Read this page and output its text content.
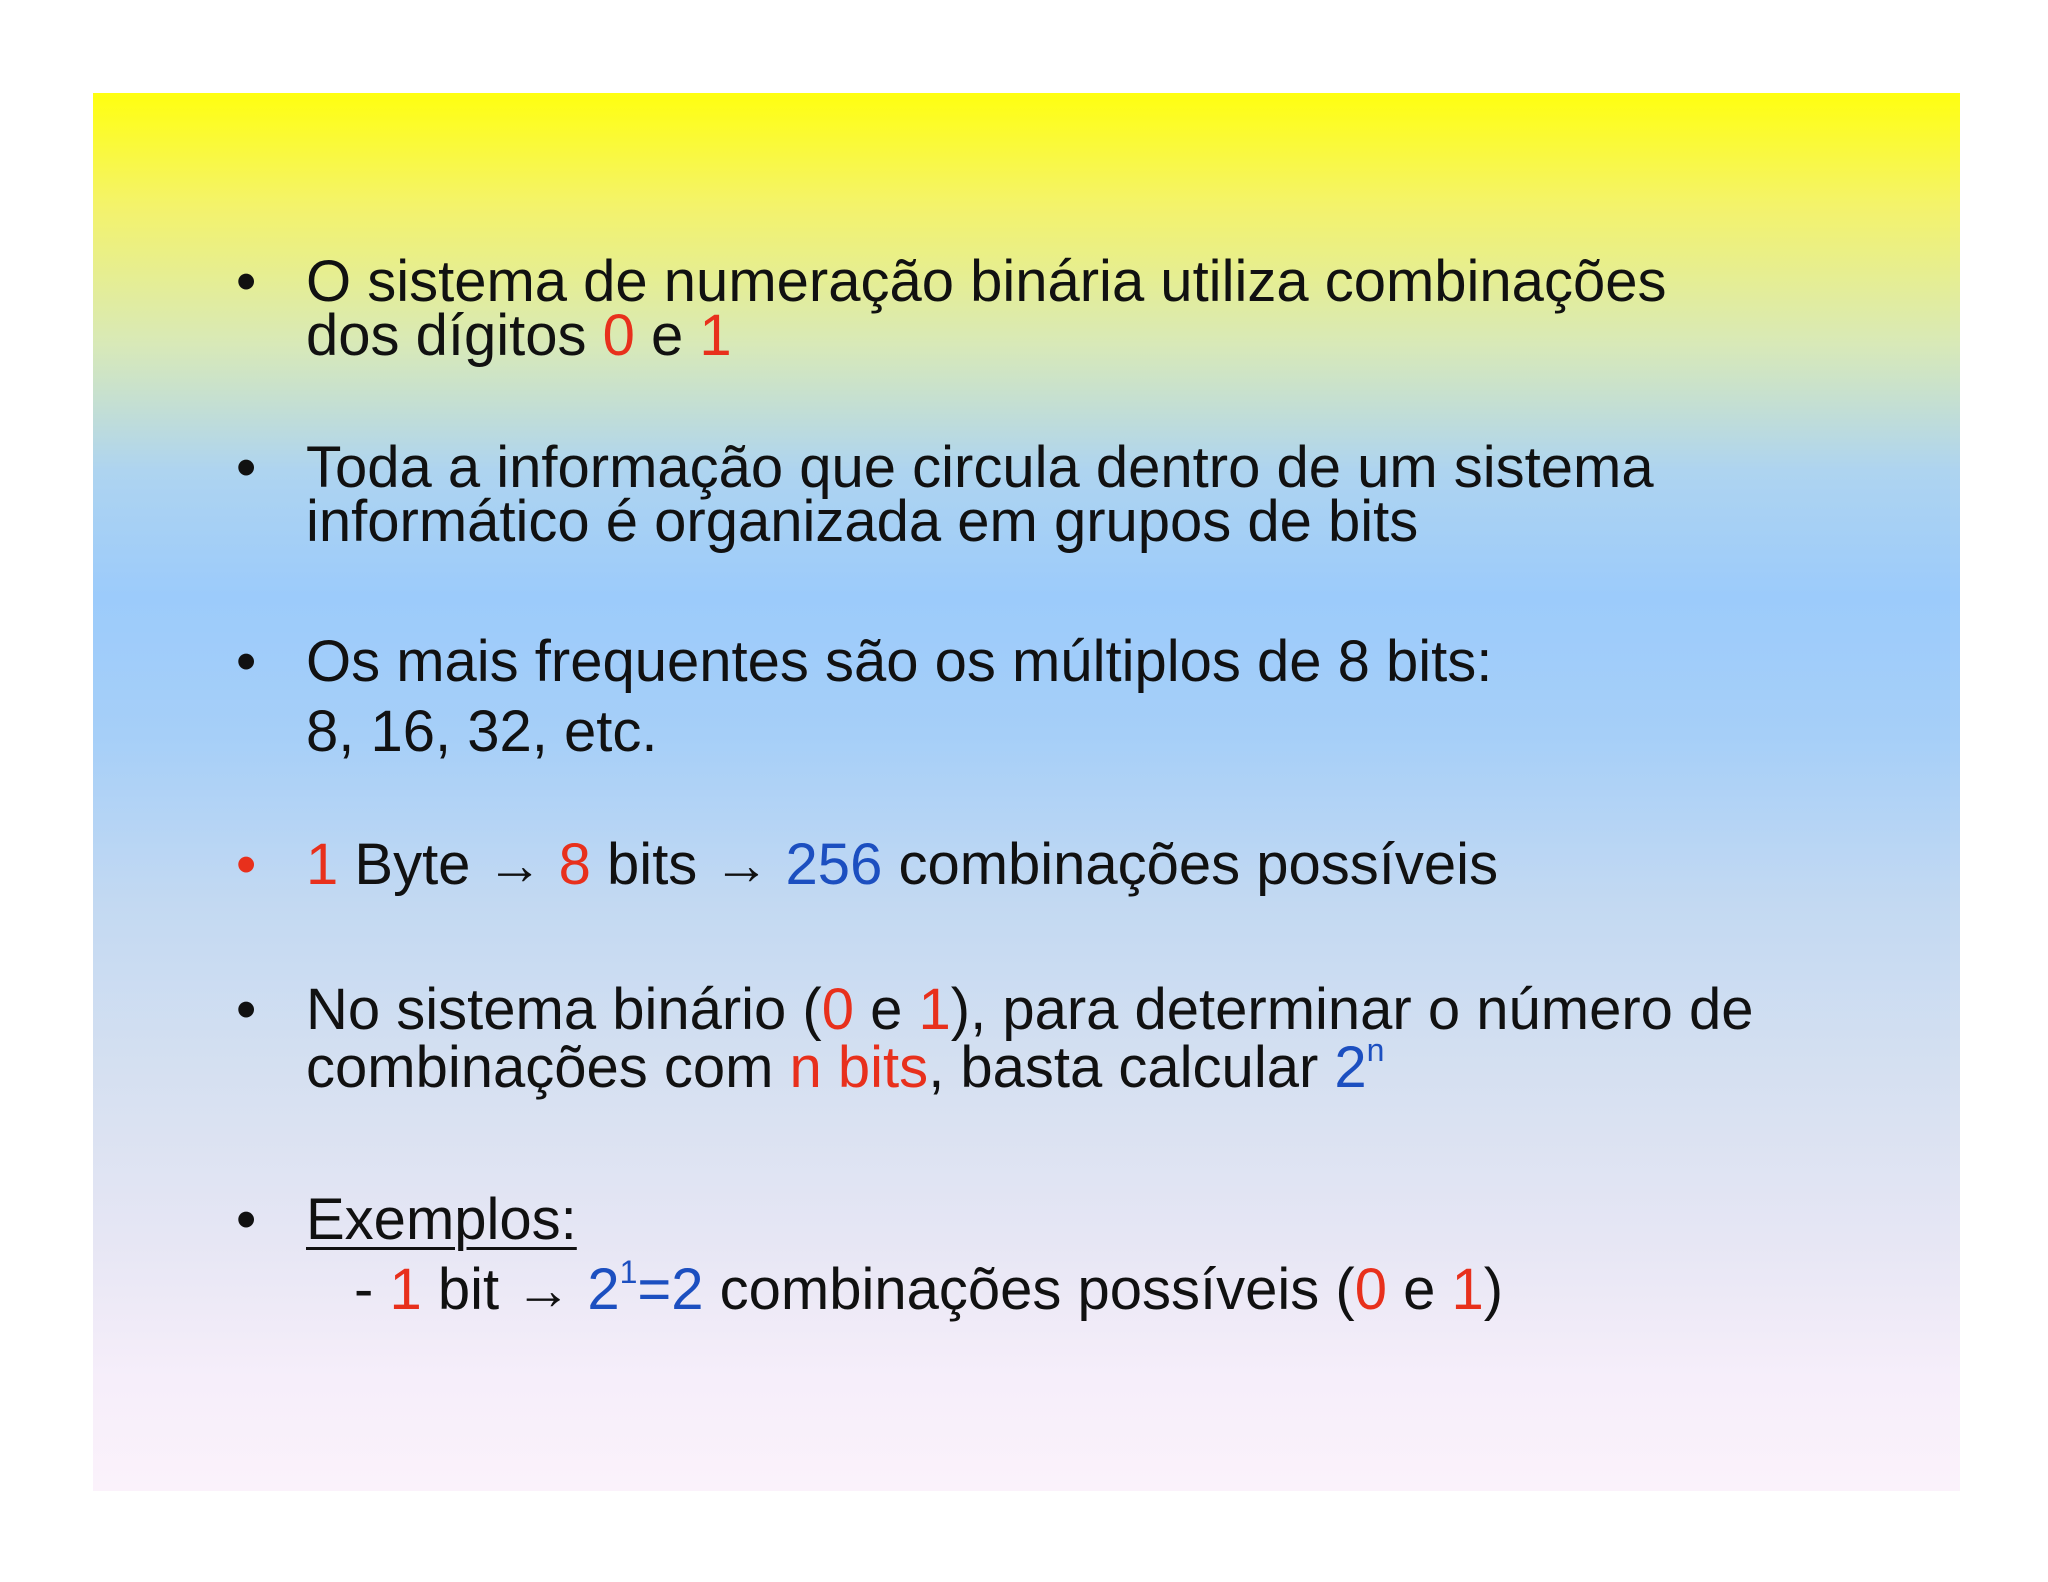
• O sistema de numeração binária utiliza combinações
dos dígitos 0 e 1
• Toda a informação que circula dentro de um sistema
informático é organizada em grupos de bits
• Os mais frequentes são os múltiplos de 8 bits:
8, 16, 32, etc.
• 1 Byte → 8 bits → 256 combinações possíveis
• No sistema binário (0 e 1), para determinar o número de
combinações com n bits, basta calcular 2$^n$
• Exemplos:
- 1 bit → $2^1=2$ combinações possíveis (0 e 1)
